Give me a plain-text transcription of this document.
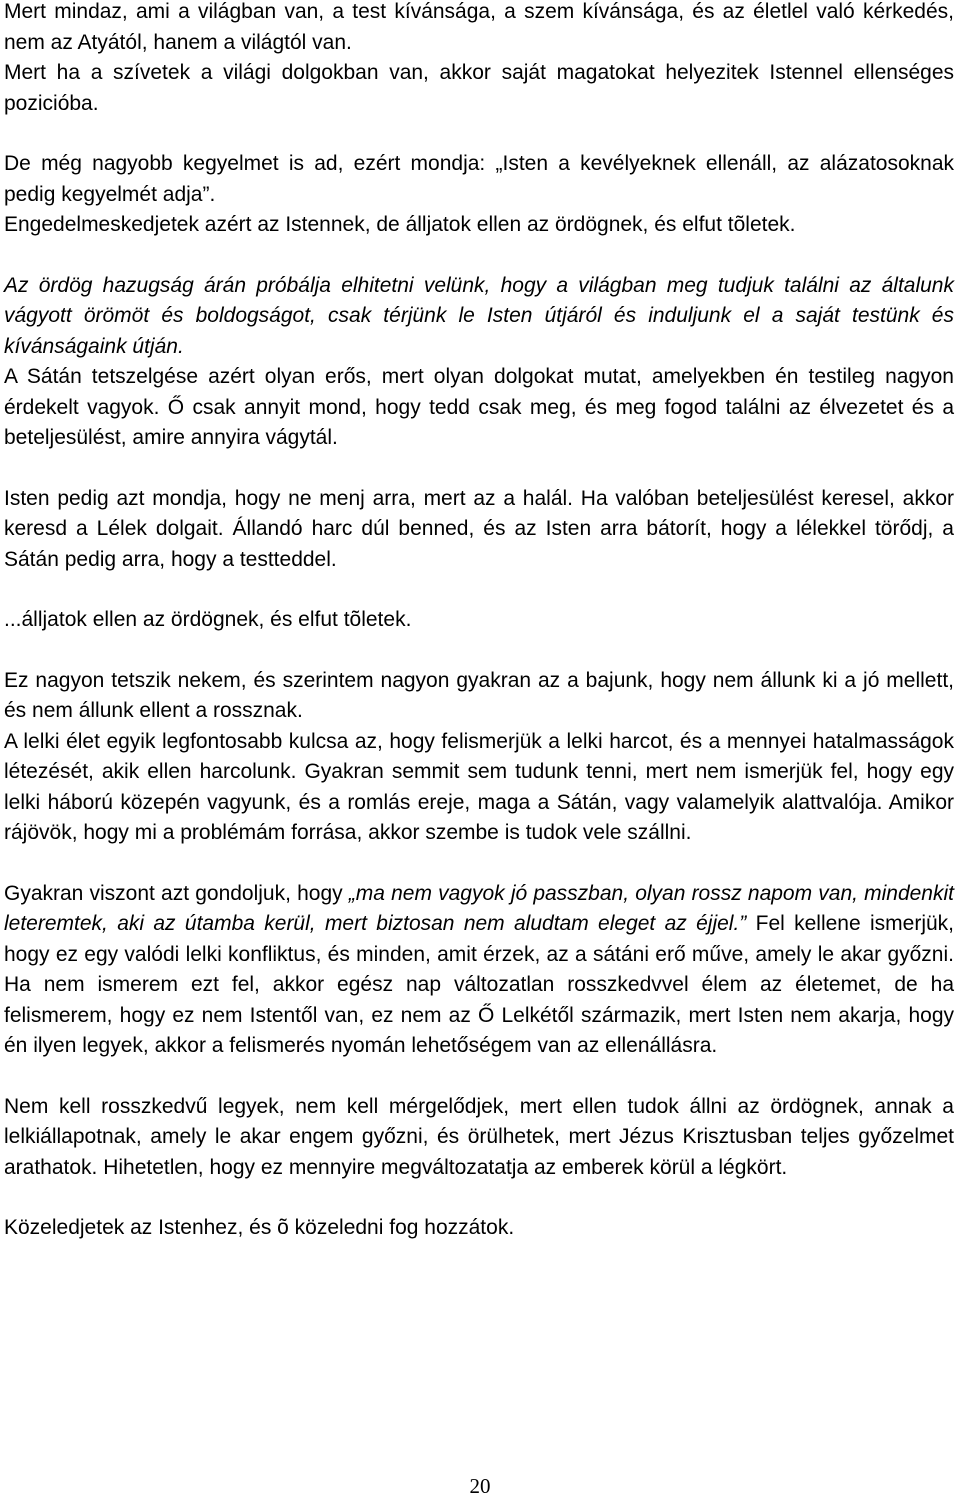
Mert mindaz, ami a világban van, a test kívánsága, a szem kívánsága, és az életlel való kérkedés, nem az Atyától, hanem a világtól van.
Mert ha a szívetek a világi dolgokban van, akkor saját magatokat helyezitek Istennel ellenséges pozicióba.
De még nagyobb kegyelmet is ad, ezért mondja: „Isten a kevélyeknek ellenáll, az alázatosoknak pedig kegyelmét adja”.
Engedelmeskedjetek azért az Istennek, de álljatok ellen az ördögnek, és elfut tõletek.
Az ördög hazugság árán próbálja elhitetni velünk, hogy a világban meg tudjuk találni az általunk vágyott örömöt és boldogságot, csak térjünk le Isten útjáról és induljunk el a saját testünk és kívánságaink útján.
A Sátán tetszelgése azért olyan erős, mert olyan dolgokat mutat, amelyekben én testileg nagyon érdekelt vagyok. Ő csak annyit mond, hogy tedd csak meg, és meg fogod találni az élvezetet és a beteljesülést, amire annyira vágytál.
Isten pedig azt mondja, hogy ne menj arra, mert az a halál. Ha valóban beteljesülést keresel, akkor keresd a Lélek dolgait. Állandó harc dúl benned, és az Isten arra bátorít, hogy a lélekkel törődj, a Sátán pedig arra, hogy a testteddel.
...álljatok ellen az ördögnek, és elfut tõletek.
Ez nagyon tetszik nekem, és szerintem nagyon gyakran az a bajunk, hogy nem állunk ki a jó mellett, és nem állunk ellent a rossznak.
A lelki élet egyik legfontosabb kulcsa az, hogy felismerjük a lelki harcot, és a mennyei hatalmasságok létezését, akik ellen harcolunk. Gyakran semmit sem tudunk tenni, mert nem ismerjük fel, hogy egy lelki háború közepén vagyunk, és a romlás ereje, maga a Sátán, vagy valamelyik alattvalója. Amikor rájövök, hogy mi a problémám forrása, akkor szembe is tudok vele szállni.
Gyakran viszont azt gondoljuk, hogy „ma nem vagyok jó passzban, olyan rossz napom van, mindenkit leteremtek, aki az útamba kerül, mert biztosan nem aludtam eleget az éjjel.” Fel kellene ismerjük, hogy ez egy valódi lelki konfliktus, és minden, amit érzek, az a sátáni erő műve, amely le akar győzni. Ha nem ismerem ezt fel, akkor egész nap változatlan rosszkedvvel élem az életemet, de ha felismerem, hogy ez nem Istentől van, ez nem az Ő Lelkétől származik, mert Isten nem akarja, hogy én ilyen legyek, akkor a felismerés nyomán lehetőségem van az ellenállásra.
Nem kell rosszkedvű legyek, nem kell mérgelődjek, mert ellen tudok állni az ördögnek, annak a lelkiállapotnak, amely le akar engem győzni, és örülhetek, mert Jézus Krisztusban teljes győzelmet arathatok. Hihetetlen, hogy ez mennyire megváltozatatja az emberek körül a légkört.
Közeledjetek az Istenhez, és õ közeledni fog hozzátok.
20
